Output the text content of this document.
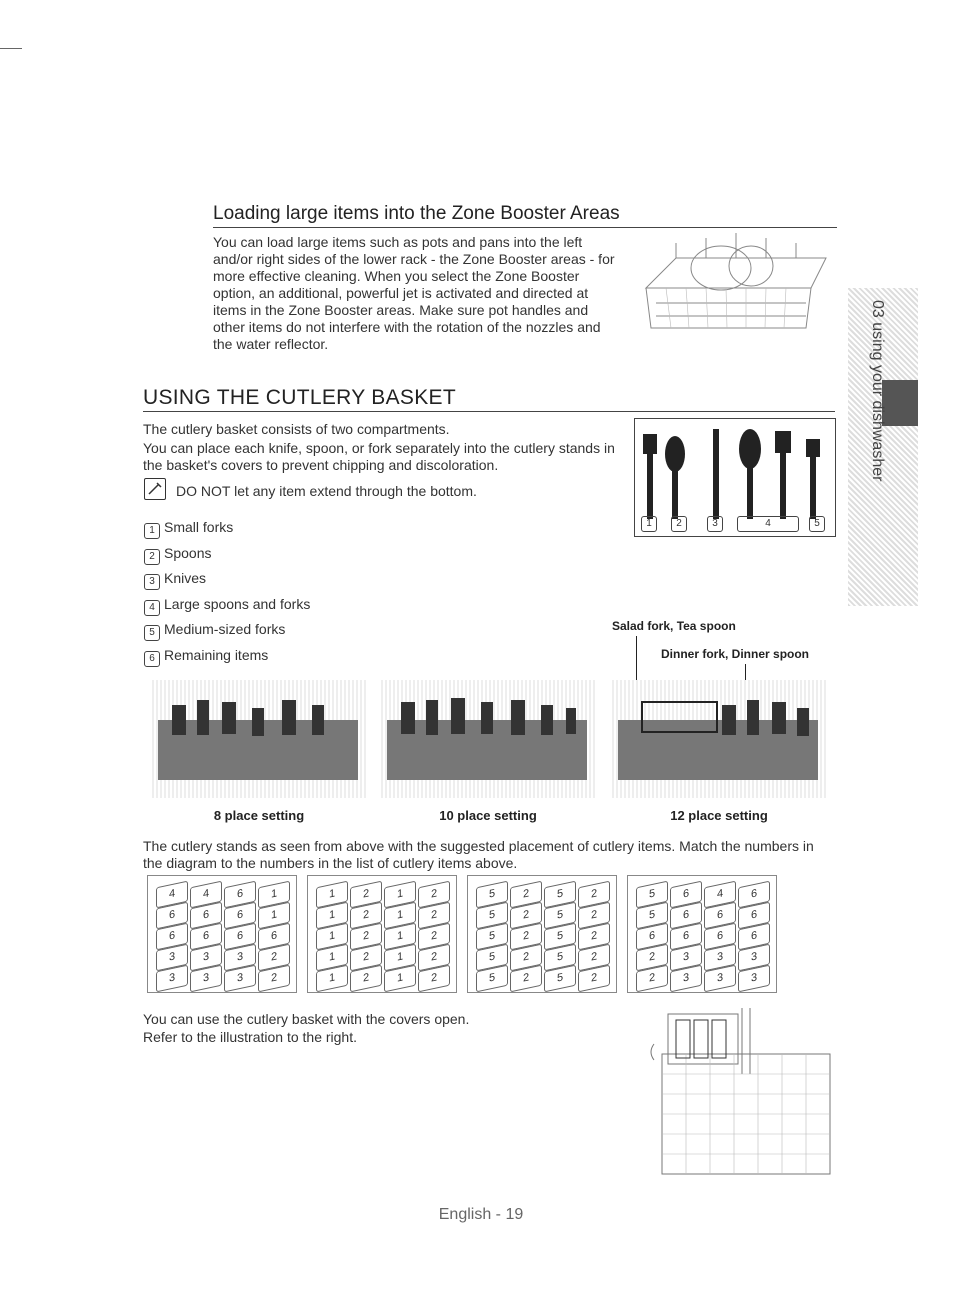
Loading large items into the Zone Booster Areas
You can load large items such as pots and pans into the left and/or right sides of the lower rack - the Zone Booster areas - for more effective cleaning. When you select the Zone Booster option, an additional, powerful jet is activated and directed at items in the Zone Booster areas. Make sure pot handles and other items do not interfere with the rotation of the nozzles and the water reflector.
USING THE CUTLERY BASKET
The cutlery basket consists of two compartments.
You can place each knife, spoon, or fork separately into the cutlery stands in the basket's covers to prevent chipping and discoloration.
DO NOT let any item extend through the bottom.
1	2	3	4	5
1 Small forks
2 Spoons
3 Knives
4 Large spoons and forks
5 Medium-sized forks
6 Remaining items
Salad fork, Tea spoon
Dinner fork, Dinner spoon
8 place setting	10 place setting	12 place setting
The cutlery stands as seen from above with the suggested placement of cutlery items. Match the numbers in the diagram to the numbers in the list of cutlery items above.
4	4	6	1
6	6	6	1
6	6	6	6
3	3	3	2
3	3	3	2
1	2	1	2
1	2	1	2
1	2	1	2
1	2	1	2
1	2	1	2
5	2	5	2
5	2	5	2
5	2	5	2
5	2	5	2
5	2	5	2
5	6	4	6
5	6	6	6
6	6	6	6
2	3	3	3
2	3	3	3
You can use the cutlery basket with the covers open.
Refer to the illustration to the right.
03 using your dishwasher
English - 19
